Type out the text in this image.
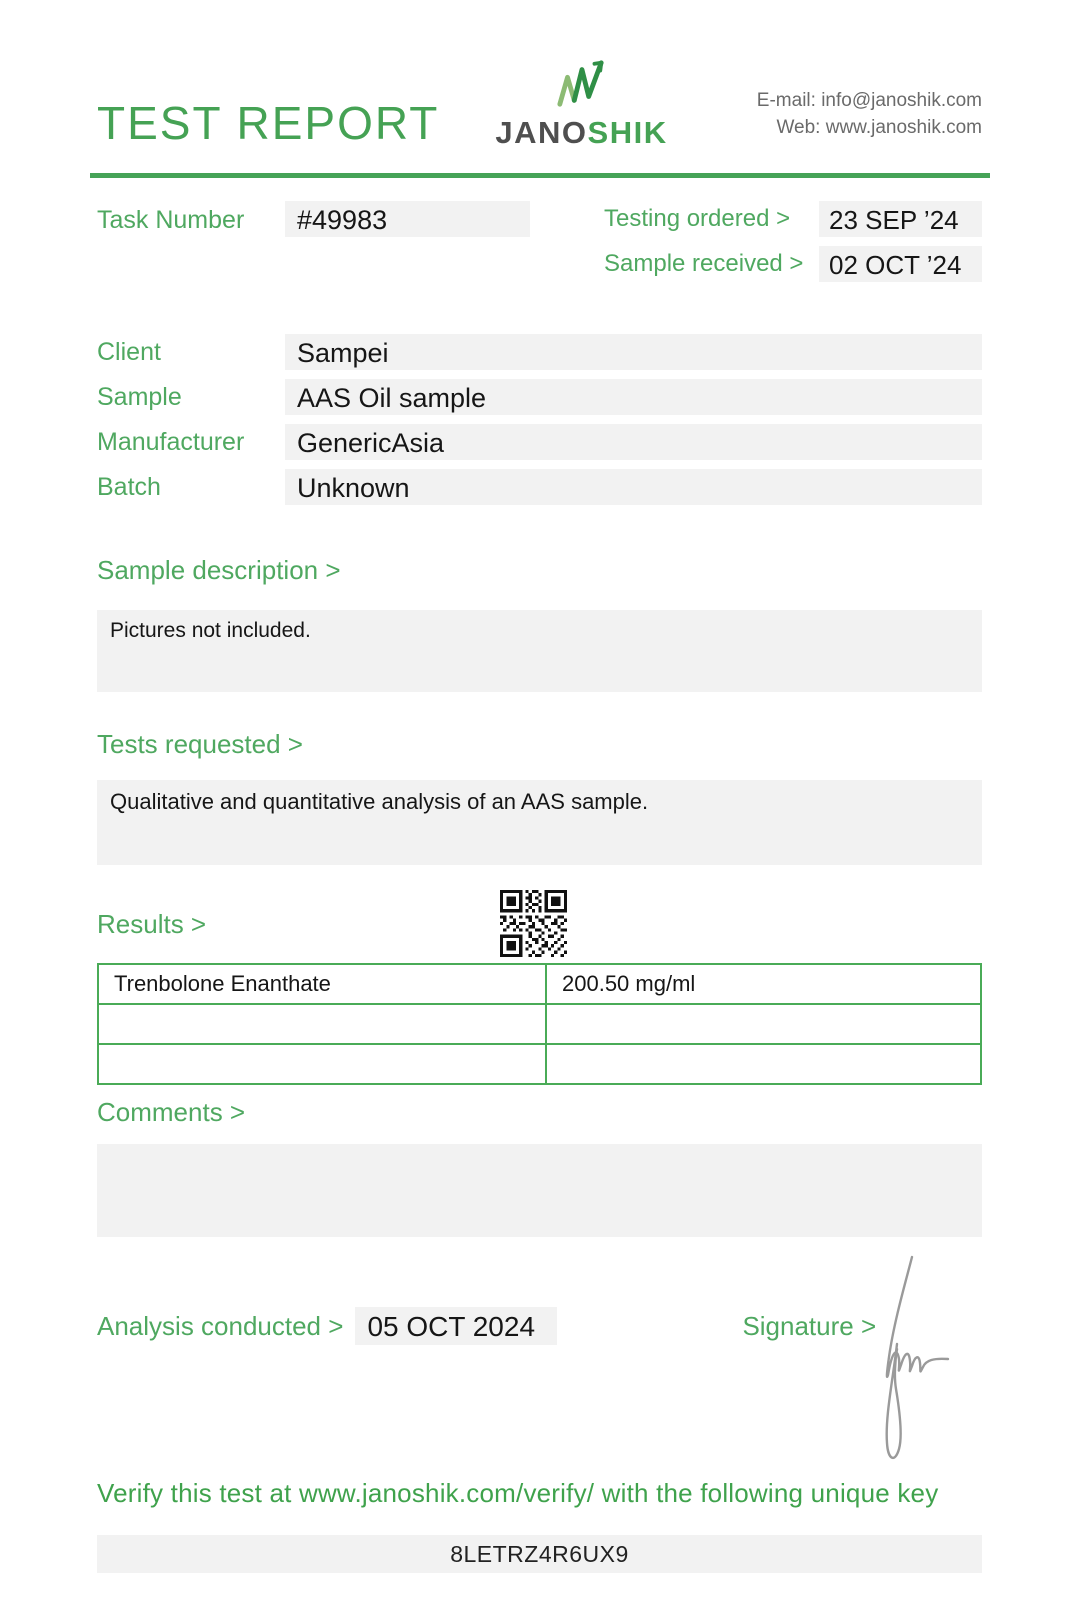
TEST REPORT JANOSHIK
E-mail: info@janoshik.com
Web: www.janoshik.com
Task Number	#49983	Testing ordered >	23 SEP ’24
Sample received > 02 OCT ’24
Client	Sampei
Sample	AAS Oil sample
Manufacturer	GenericAsia
Batch	Unknown
Sample description >
Pictures not included.
Tests requested >
Qualitative and quantitative analysis of an AAS sample.
Results >
Trenbolone Enanthate	200.50 mg/ml

Comments >
Analysis conducted > 05 OCT 2024	Signature >
Verify this test at www.janoshik.com/verify/ with the following unique key
8LETRZ4R6UX9
